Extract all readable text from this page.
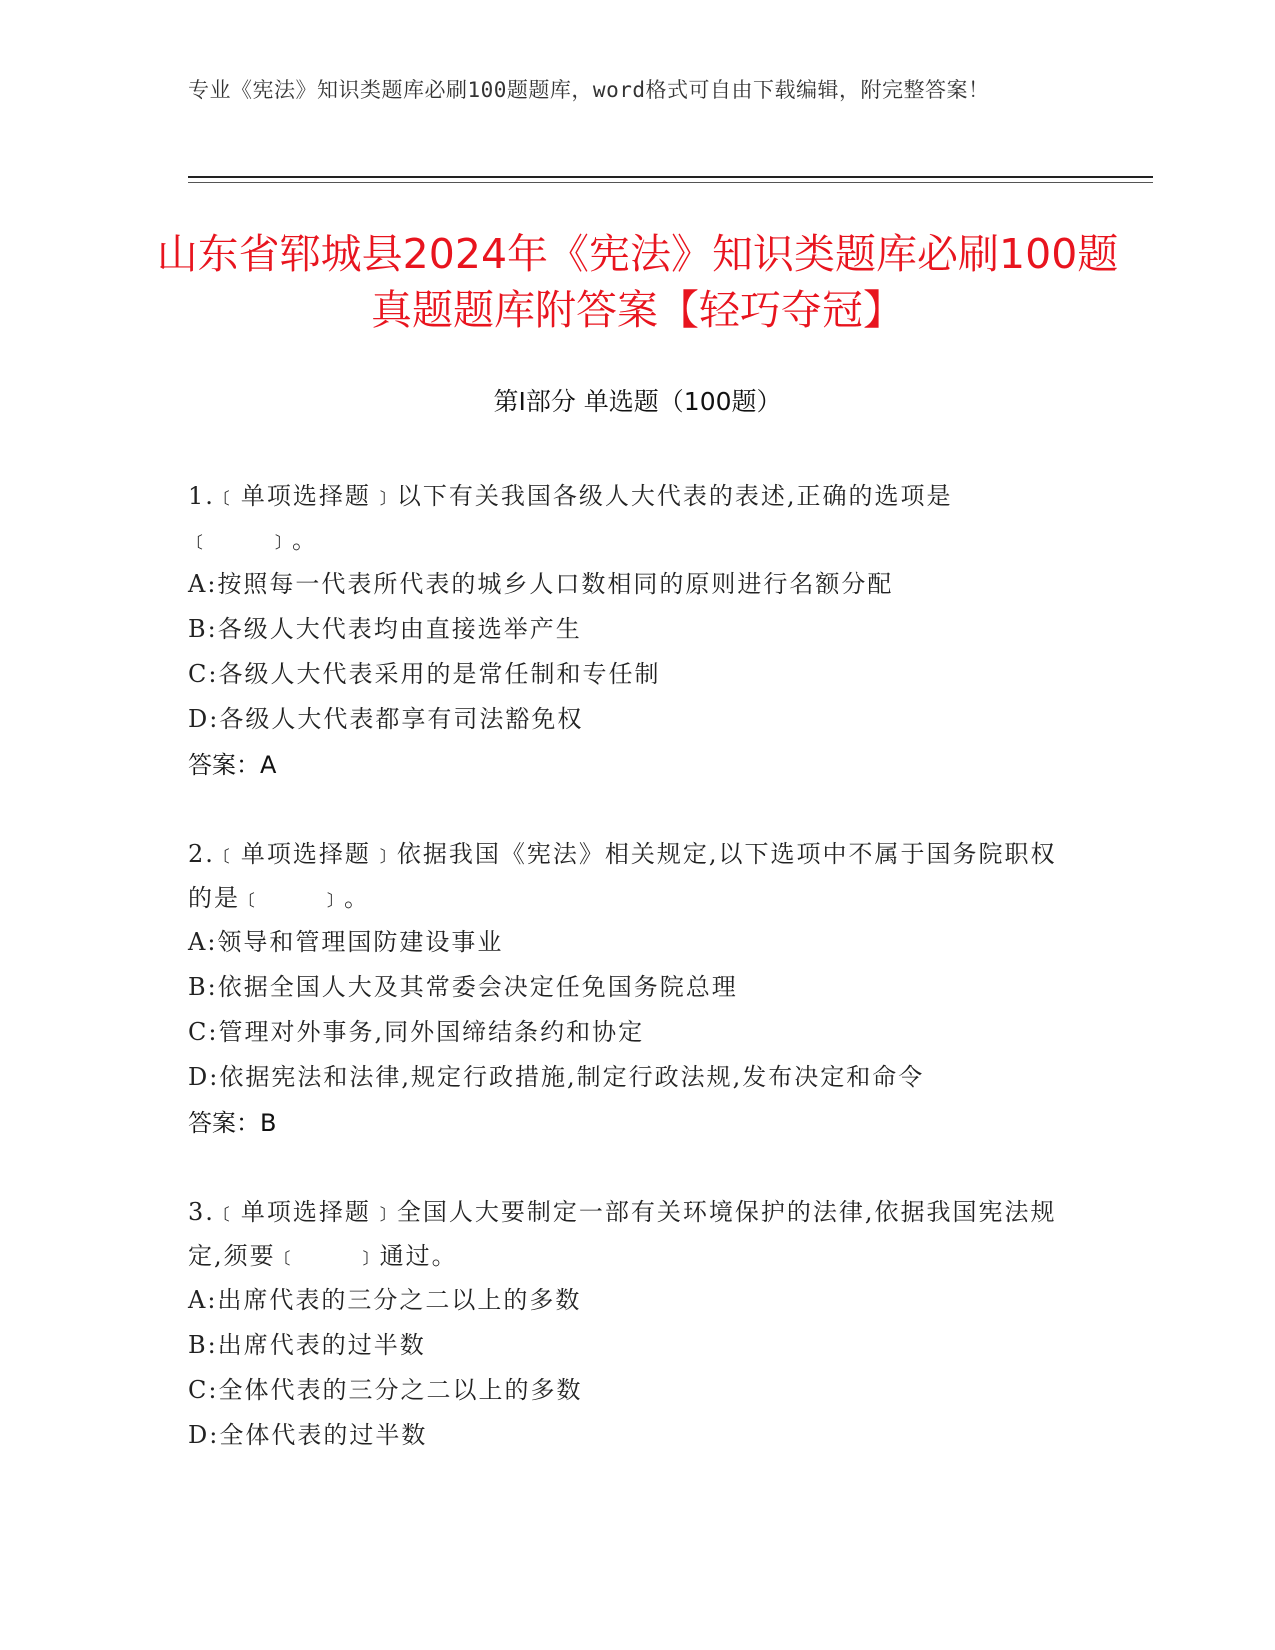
专业《宪法》知识类题库必刷100题题库，word格式可自由下载编辑，附完整答案！
山东省郓城县2024年《宪法》知识类题库必刷100题真题题库附答案【轻巧夺冠】
第I部分 单选题（100题）
1.﹝单项选择题﹞以下有关我国各级人大代表的表述,正确的选项是﹝　　﹞。
A:按照每一代表所代表的城乡人口数相同的原则进行名额分配
B:各级人大代表均由直接选举产生
C:各级人大代表采用的是常任制和专任制
D:各级人大代表都享有司法豁免权
答案：A
2.﹝单项选择题﹞依据我国《宪法》相关规定,以下选项中不属于国务院职权的是﹝　　﹞。
A:领导和管理国防建设事业
B:依据全国人大及其常委会决定任免国务院总理
C:管理对外事务,同外国缔结条约和协定
D:依据宪法和法律,规定行政措施,制定行政法规,发布决定和命令
答案：B
3.﹝单项选择题﹞全国人大要制定一部有关环境保护的法律,依据我国宪法规定,须要﹝　　﹞通过。
A:出席代表的三分之二以上的多数
B:出席代表的过半数
C:全体代表的三分之二以上的多数
D:全体代表的过半数
